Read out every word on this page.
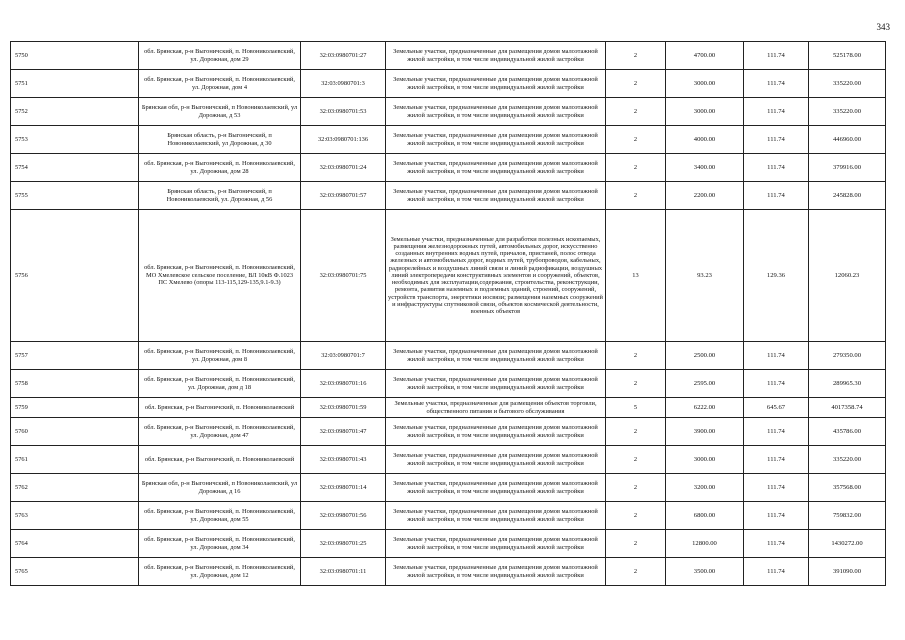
343
5750	обл. Брянская, р-н Выгоничский, п. Новониколаевский, ул. Дорожная, дом 29	32:03:0980701:27	Земельные участки, предназначенные для размещения домов малоэтажной жилой застройки, в том числе индивидуальной жилой застройки	2	4700.00	111.74	525178.00
5751	обл. Брянская, р-н Выгоничский, п. Новониколаевский, ул. Дорожная, дом 4	32:03:0980701:3	Земельные участки, предназначенные для размещения домов малоэтажной жилой застройки, в том числе индивидуальной жилой застройки	2	3000.00	111.74	335220.00
5752	Брянская обл, р-н Выгоничский, п Новониколаевский, ул Дорожная, д 53	32:03:0980701:53	Земельные участки, предназначенные для размещения домов малоэтажной жилой застройки, в том числе индивидуальной жилой застройки	2	3000.00	111.74	335220.00
5753	Брянская область, р-н Выгоничский, п Новониколаевский, ул Дорожная, д 30	32:03:0980701:136	Земельные участки, предназначенные для размещения домов малоэтажной жилой застройки, в том числе индивидуальной жилой застройки	2	4000.00	111.74	446960.00
5754	обл. Брянская, р-н Выгоничский, п. Новониколаевский, ул. Дорожная, дом 28	32:03:0980701:24	Земельные участки, предназначенные для размещения домов малоэтажной жилой застройки, в том числе индивидуальной жилой застройки	2	3400.00	111.74	379916.00
5755	Брянская область, р-н Выгоничский, п Новониколаевский, ул. Дорожная, д 56	32:03:0980701:57	Земельные участки, предназначенные для размещения домов малоэтажной жилой застройки, в том числе индивидуальной жилой застройки	2	2200.00	111.74	245828.00
5756	обл. Брянская, р-н Выгоничский, п. Новониколаевский, МО Хмелевское сельское поселение, ВЛ 10кВ Ф.1023 ПС Хмелево (опоры 113-115,129-135,9.1-9.3)	32:03:0980701:75	Земельные участки, предназначенные для разработки полезных ископаемых, размещения железнодорожных путей, автомобильных дорог, искусственно созданных внутренних водных путей, причалов, пристаней, полос отвода железных и автомобильных дорог, водных путей, трубопроводов, кабельных, радиорелейных и воздушных линий связи и линий радиофикации, воздушных линий электропередачи конструктивных элементов и сооружений, объектов, необходимых для эксплуатации,содержания, строительства, реконструкции, ремонта, развития наземных и подземных зданий, строений, сооружений, устройств транспорта, энергетики иосвязи; размещения наземных сооружений и инфраструктуры спутниковой связи, объектов космической деятельности, военных объектов	13	93.23	129.36	12060.23
5757	обл. Брянская, р-н Выгоничский, п. Новониколаевский, ул. Дорожная, дом 8	32:03:0980701:7	Земельные участки, предназначенные для размещения домов малоэтажной жилой застройки, в том числе индивидуальной жилой застройки	2	2500.00	111.74	279350.00
5758	обл. Брянская, р-н Выгоничский, п. Новониколаевский, ул. Дорожная, дом д 18	32:03:0980701:16	Земельные участки, предназначенные для размещения домов малоэтажной жилой застройки, в том числе индивидуальной жилой застройки	2	2595.00	111.74	289965.30
5759	обл. Брянская, р-н Выгоничский, п. Новониколаевский	32:03:0980701:59	Земельные участки, предназначенные для размещения объектов торговли, общественного питания и бытового обслуживания	5	6222.00	645.67	4017358.74
5760	обл. Брянская, р-н Выгоничский, п. Новониколаевский, ул. Дорожная, дом 47	32:03:0980701:47	Земельные участки, предназначенные для размещения домов малоэтажной жилой застройки, в том числе индивидуальной жилой застройки	2	3900.00	111.74	435786.00
5761	обл. Брянская, р-н Выгоничский, п. Новониколаевский	32:03:0980701:43	Земельные участки, предназначенные для размещения домов малоэтажной жилой застройки, в том числе индивидуальной жилой застройки	2	3000.00	111.74	335220.00
5762	Брянская обл, р-н Выгоничский, п Новониколаевский, ул Дорожная, д 16	32:03:0980701:14	Земельные участки, предназначенные для размещения домов малоэтажной жилой застройки, в том числе индивидуальной жилой застройки	2	3200.00	111.74	357568.00
5763	обл. Брянская, р-н Выгоничский, п. Новониколаевский, ул. Дорожная, дом 55	32:03:0980701:56	Земельные участки, предназначенные для размещения домов малоэтажной жилой застройки, в том числе индивидуальной жилой застройки	2	6800.00	111.74	759832.00
5764	обл. Брянская, р-н Выгоничский, п. Новониколаевский, ул. Дорожная, дом 34	32:03:0980701:25	Земельные участки, предназначенные для размещения домов малоэтажной жилой застройки, в том числе индивидуальной жилой застройки	2	12800.00	111.74	1430272.00
5765	обл. Брянская, р-н Выгоничский, п. Новониколаевский, ул. Дорожная, дом 12	32:03:0980701:11	Земельные участки, предназначенные для размещения домов малоэтажной жилой застройки, в том числе индивидуальной жилой застройки	2	3500.00	111.74	391090.00
